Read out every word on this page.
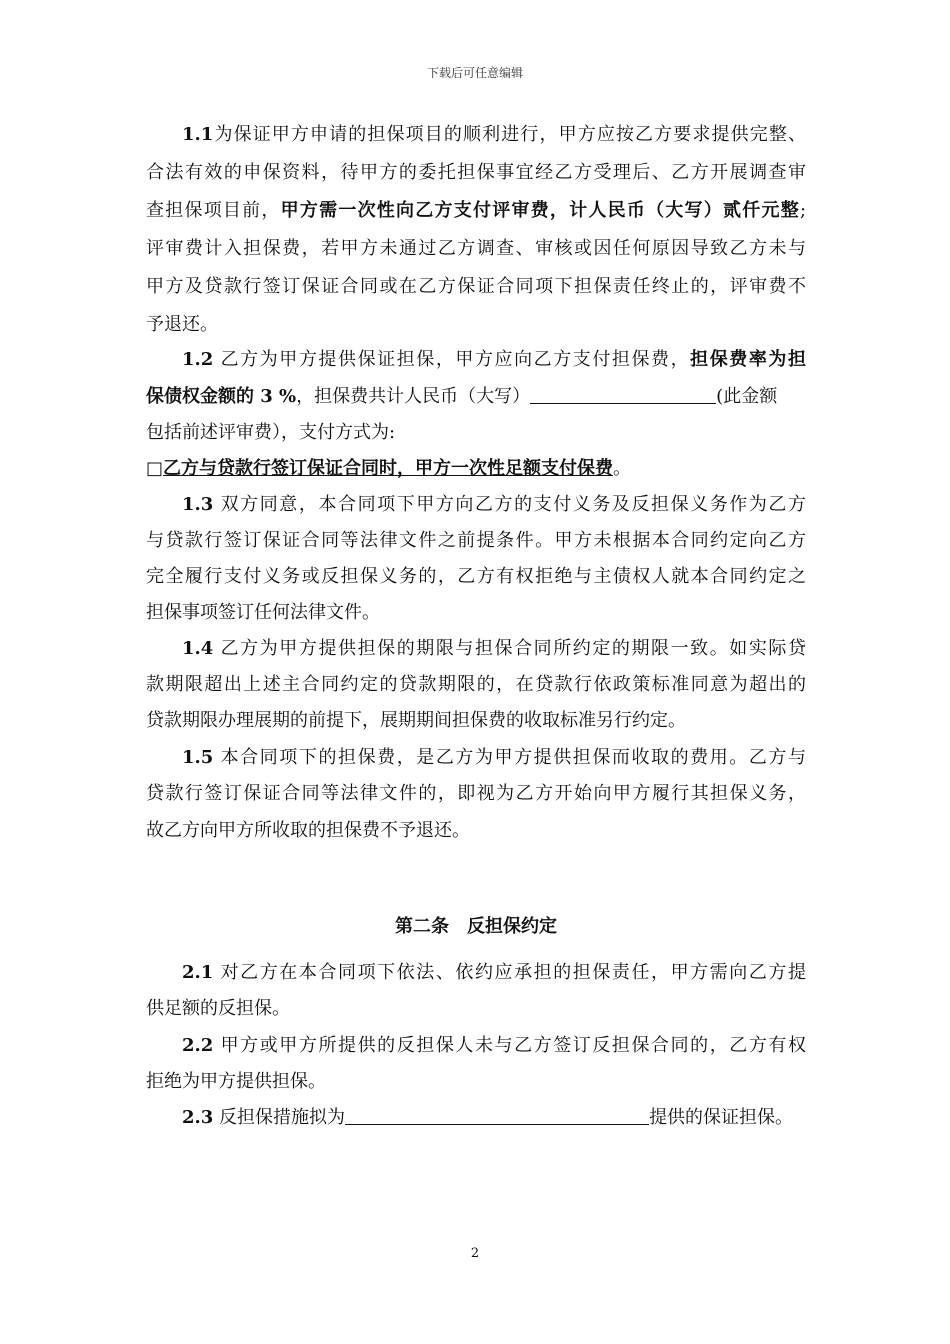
下载后可任意编辑
1.1为保证甲方申请的担保项目的顺利进行，甲方应按乙方要求提供完整、
合法有效的申保资料，待甲方的委托担保事宜经乙方受理后、乙方开展调查审
查担保项目前，甲方需一次性向乙方支付评审费，计人民币（大写）贰仟元整;
评审费计入担保费，若甲方未通过乙方调查、审核或因任何原因导致乙方未与
甲方及贷款行签订保证合同或在乙方保证合同项下担保责任终止的，评审费不
予退还。
1.2 乙方为甲方提供保证担保，甲方应向乙方支付担保费，担保费率为担
保债权金额的 3 %，担保费共计人民币（大写）	(此金额
包括前述评审费），支付方式为:
□乙方与贷款行签订保证合同时，甲方一次性足额支付保费。
1.3 双方同意，本合同项下甲方向乙方的支付义务及反担保义务作为乙方
与贷款行签订保证合同等法律文件之前提条件。甲方未根据本合同约定向乙方
完全履行支付义务或反担保义务的，乙方有权拒绝与主债权人就本合同约定之
担保事项签订任何法律文件。
1.4 乙方为甲方提供担保的期限与担保合同所约定的期限一致。如实际贷
款期限超出上述主合同约定的贷款期限的，在贷款行依政策标准同意为超出的
贷款期限办理展期的前提下，展期期间担保费的收取标准另行约定。
1.5 本合同项下的担保费，是乙方为甲方提供担保而收取的费用。乙方与
贷款行签订保证合同等法律文件的，即视为乙方开始向甲方履行其担保义务，
故乙方向甲方所收取的担保费不予退还。
第二条　反担保约定
2.1 对乙方在本合同项下依法、依约应承担的担保责任，甲方需向乙方提
供足额的反担保。
2.2 甲方或甲方所提供的反担保人未与乙方签订反担保合同的，乙方有权
拒绝为甲方提供担保。
2.3 反担保措施拟为	提供的保证担保。
2
